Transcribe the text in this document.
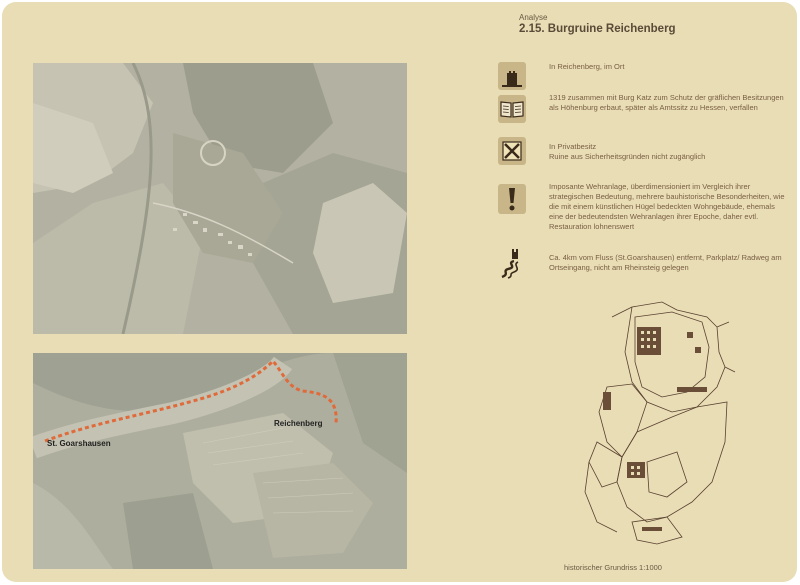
Analyse
2.15. Burgruine Reichenberg
St. Goarshausen
Reichenberg
In Reichenberg, im Ort
1319 zusammen mit Burg Katz zum Schutz der gräflichen Besitzungen als Höhenburg erbaut, später als Amtssitz zu Hessen, verfallen
In Privatbesitz
Ruine aus Sicherheitsgründen nicht zugänglich
Imposante Wehranlage, überdimensioniert im Vergleich ihrer strategischen Bedeutung, mehrere bauhistorische Besonderheiten, wie die mit einem künstlichen Hügel bedeckten Wohngebäude, ehemals eine der bedeutendsten Wehranlagen ihrer Epoche, daher evtl. Restauration lohnenswert
Ca. 4km vom Fluss (St.Goarshausen) entfernt, Parkplatz/ Radweg am Ortseingang, nicht am Rheinsteig gelegen
historischer Grundriss 1:1000
